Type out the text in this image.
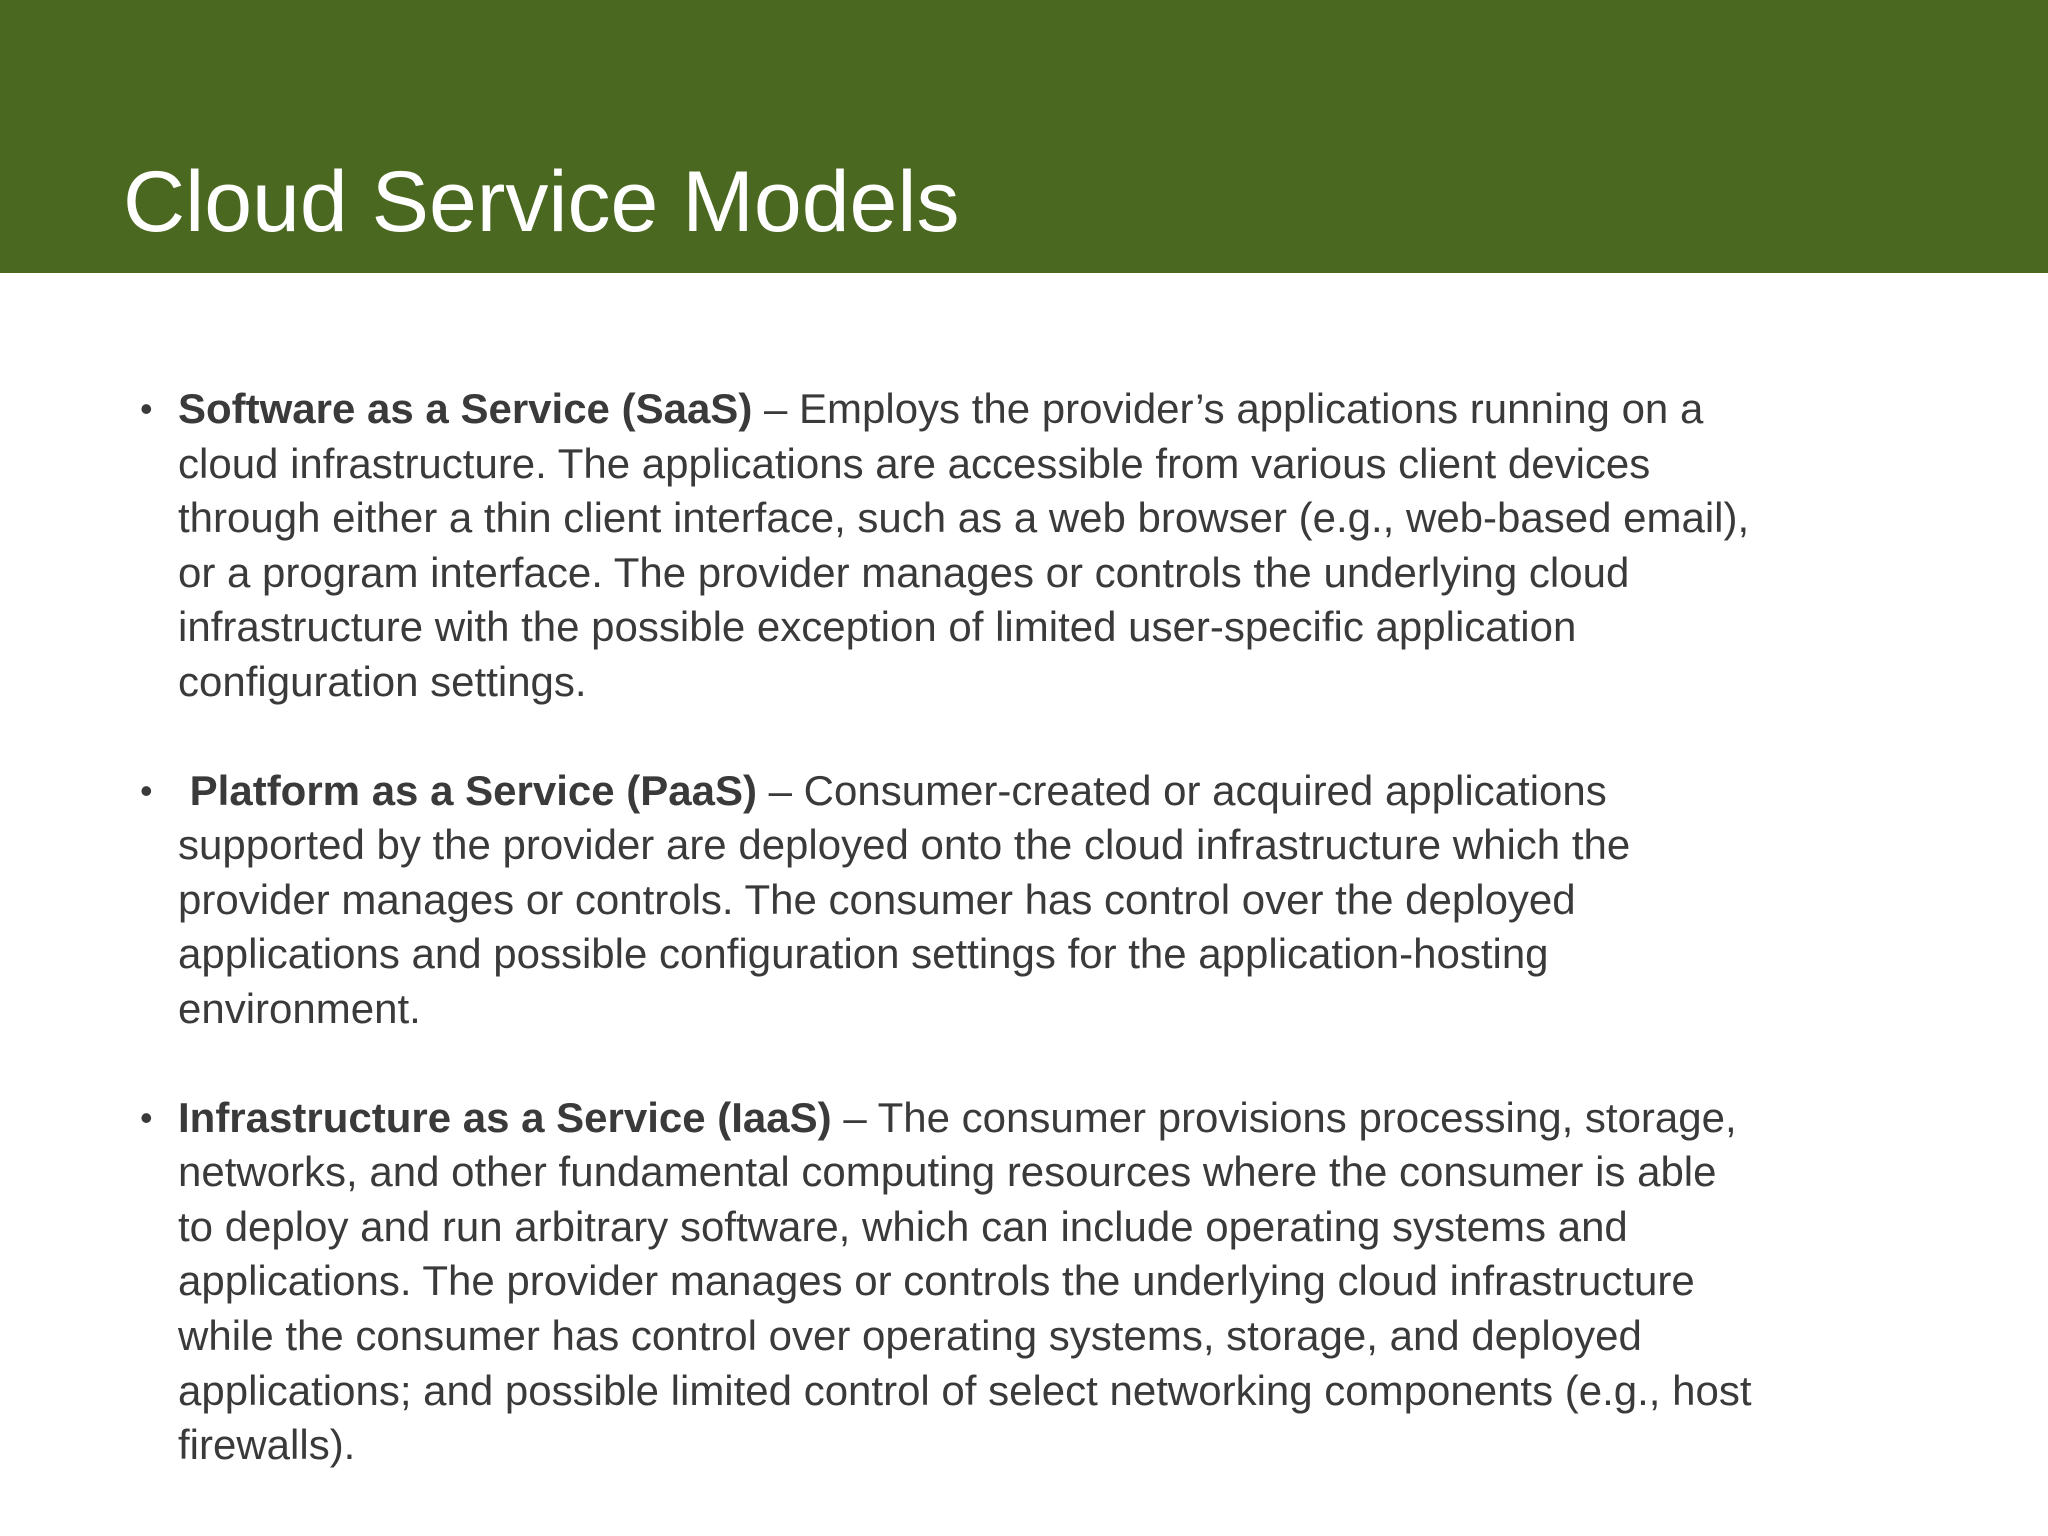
Cloud Service Models
• Software as a Service (SaaS) – Employs the provider’s applications running on a cloud infrastructure. The applications are accessible from various client devices through either a thin client interface, such as a web browser (e.g., web-based email), or a program interface. The provider manages or controls the underlying cloud infrastructure with the possible exception of limited user-specific application configuration settings.
• Platform as a Service (PaaS) – Consumer-created or acquired applications supported by the provider are deployed onto the cloud infrastructure which the provider manages or controls. The consumer has control over the deployed applications and possible configuration settings for the application-hosting environment.
• Infrastructure as a Service (IaaS) – The consumer provisions processing, storage, networks, and other fundamental computing resources where the consumer is able to deploy and run arbitrary software, which can include operating systems and applications. The provider manages or controls the underlying cloud infrastructure while the consumer has control over operating systems, storage, and deployed applications; and possible limited control of select networking components (e.g., host firewalls).
